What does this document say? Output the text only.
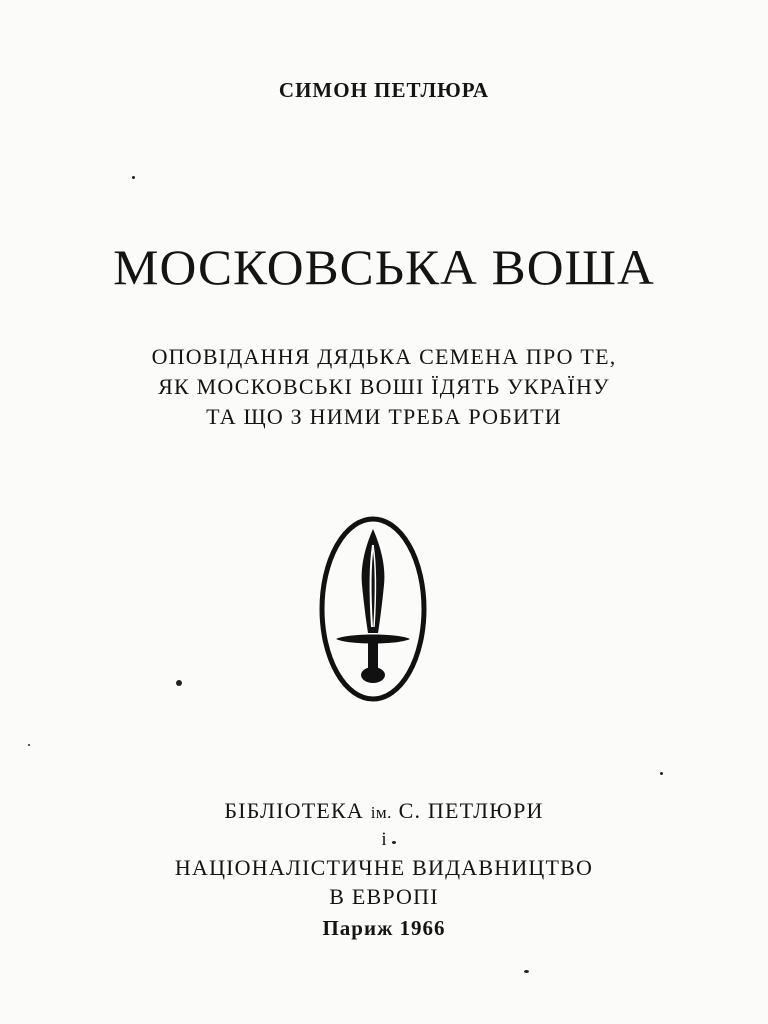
СИМОН ПЕТЛЮРА

МОСКОВСЬКА ВОША

ОПОВІДАННЯ ДЯДЬКА СЕМЕНА ПРО ТЕ,

ЯК МОСКОВСЬКІ ВОШІ ЇДЯТЬ УКРАЇНУ

ТА ЩО З НИМИ ТРЕБА РОБИТИ

БІБЛІОТЕКА ім. С. ПЕТЛЮРИ

і

НАЦІОНАЛІСТИЧНЕ ВИДАВНИЦТВО

В ЕВРОПІ

Париж 1966
